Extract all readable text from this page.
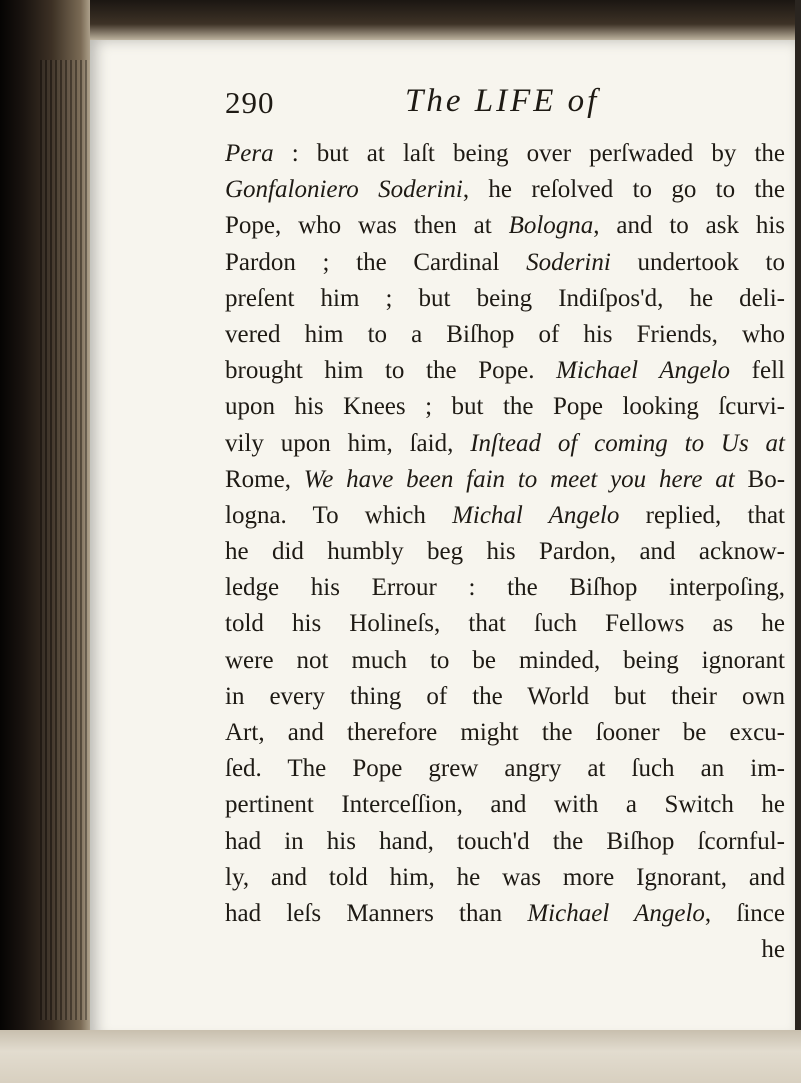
290	The LIFE of
Pera : but at laſt being over perſwaded by the
Gonfaloniero Soderini, he reſolved to go to the
Pope, who was then at Bologna, and to ask his
Pardon ; the Cardinal Soderini undertook to
preſent him ; but being Indiſpos'd, he deli-
vered him to a Biſhop of his Friends, who
brought him to the Pope. Michael Angelo fell
upon his Knees ; but the Pope looking ſcurvi-
vily upon him, ſaid, Inſtead of coming to Us at
Rome, We have been fain to meet you here at Bo-
logna. To which Michal Angelo replied, that
he did humbly beg his Pardon, and acknow-
ledge his Errour : the Biſhop interpoſing,
told his Holineſs, that ſuch Fellows as he
were not much to be minded, being ignorant
in every thing of the World but their own
Art, and therefore might the ſooner be excu-
ſed. The Pope grew angry at ſuch an im-
pertinent Interceſſion, and with a Switch he
had in his hand, touch'd the Biſhop ſcornful-
ly, and told him, he was more Ignorant, and
had leſs Manners than Michael Angelo, ſince
he
